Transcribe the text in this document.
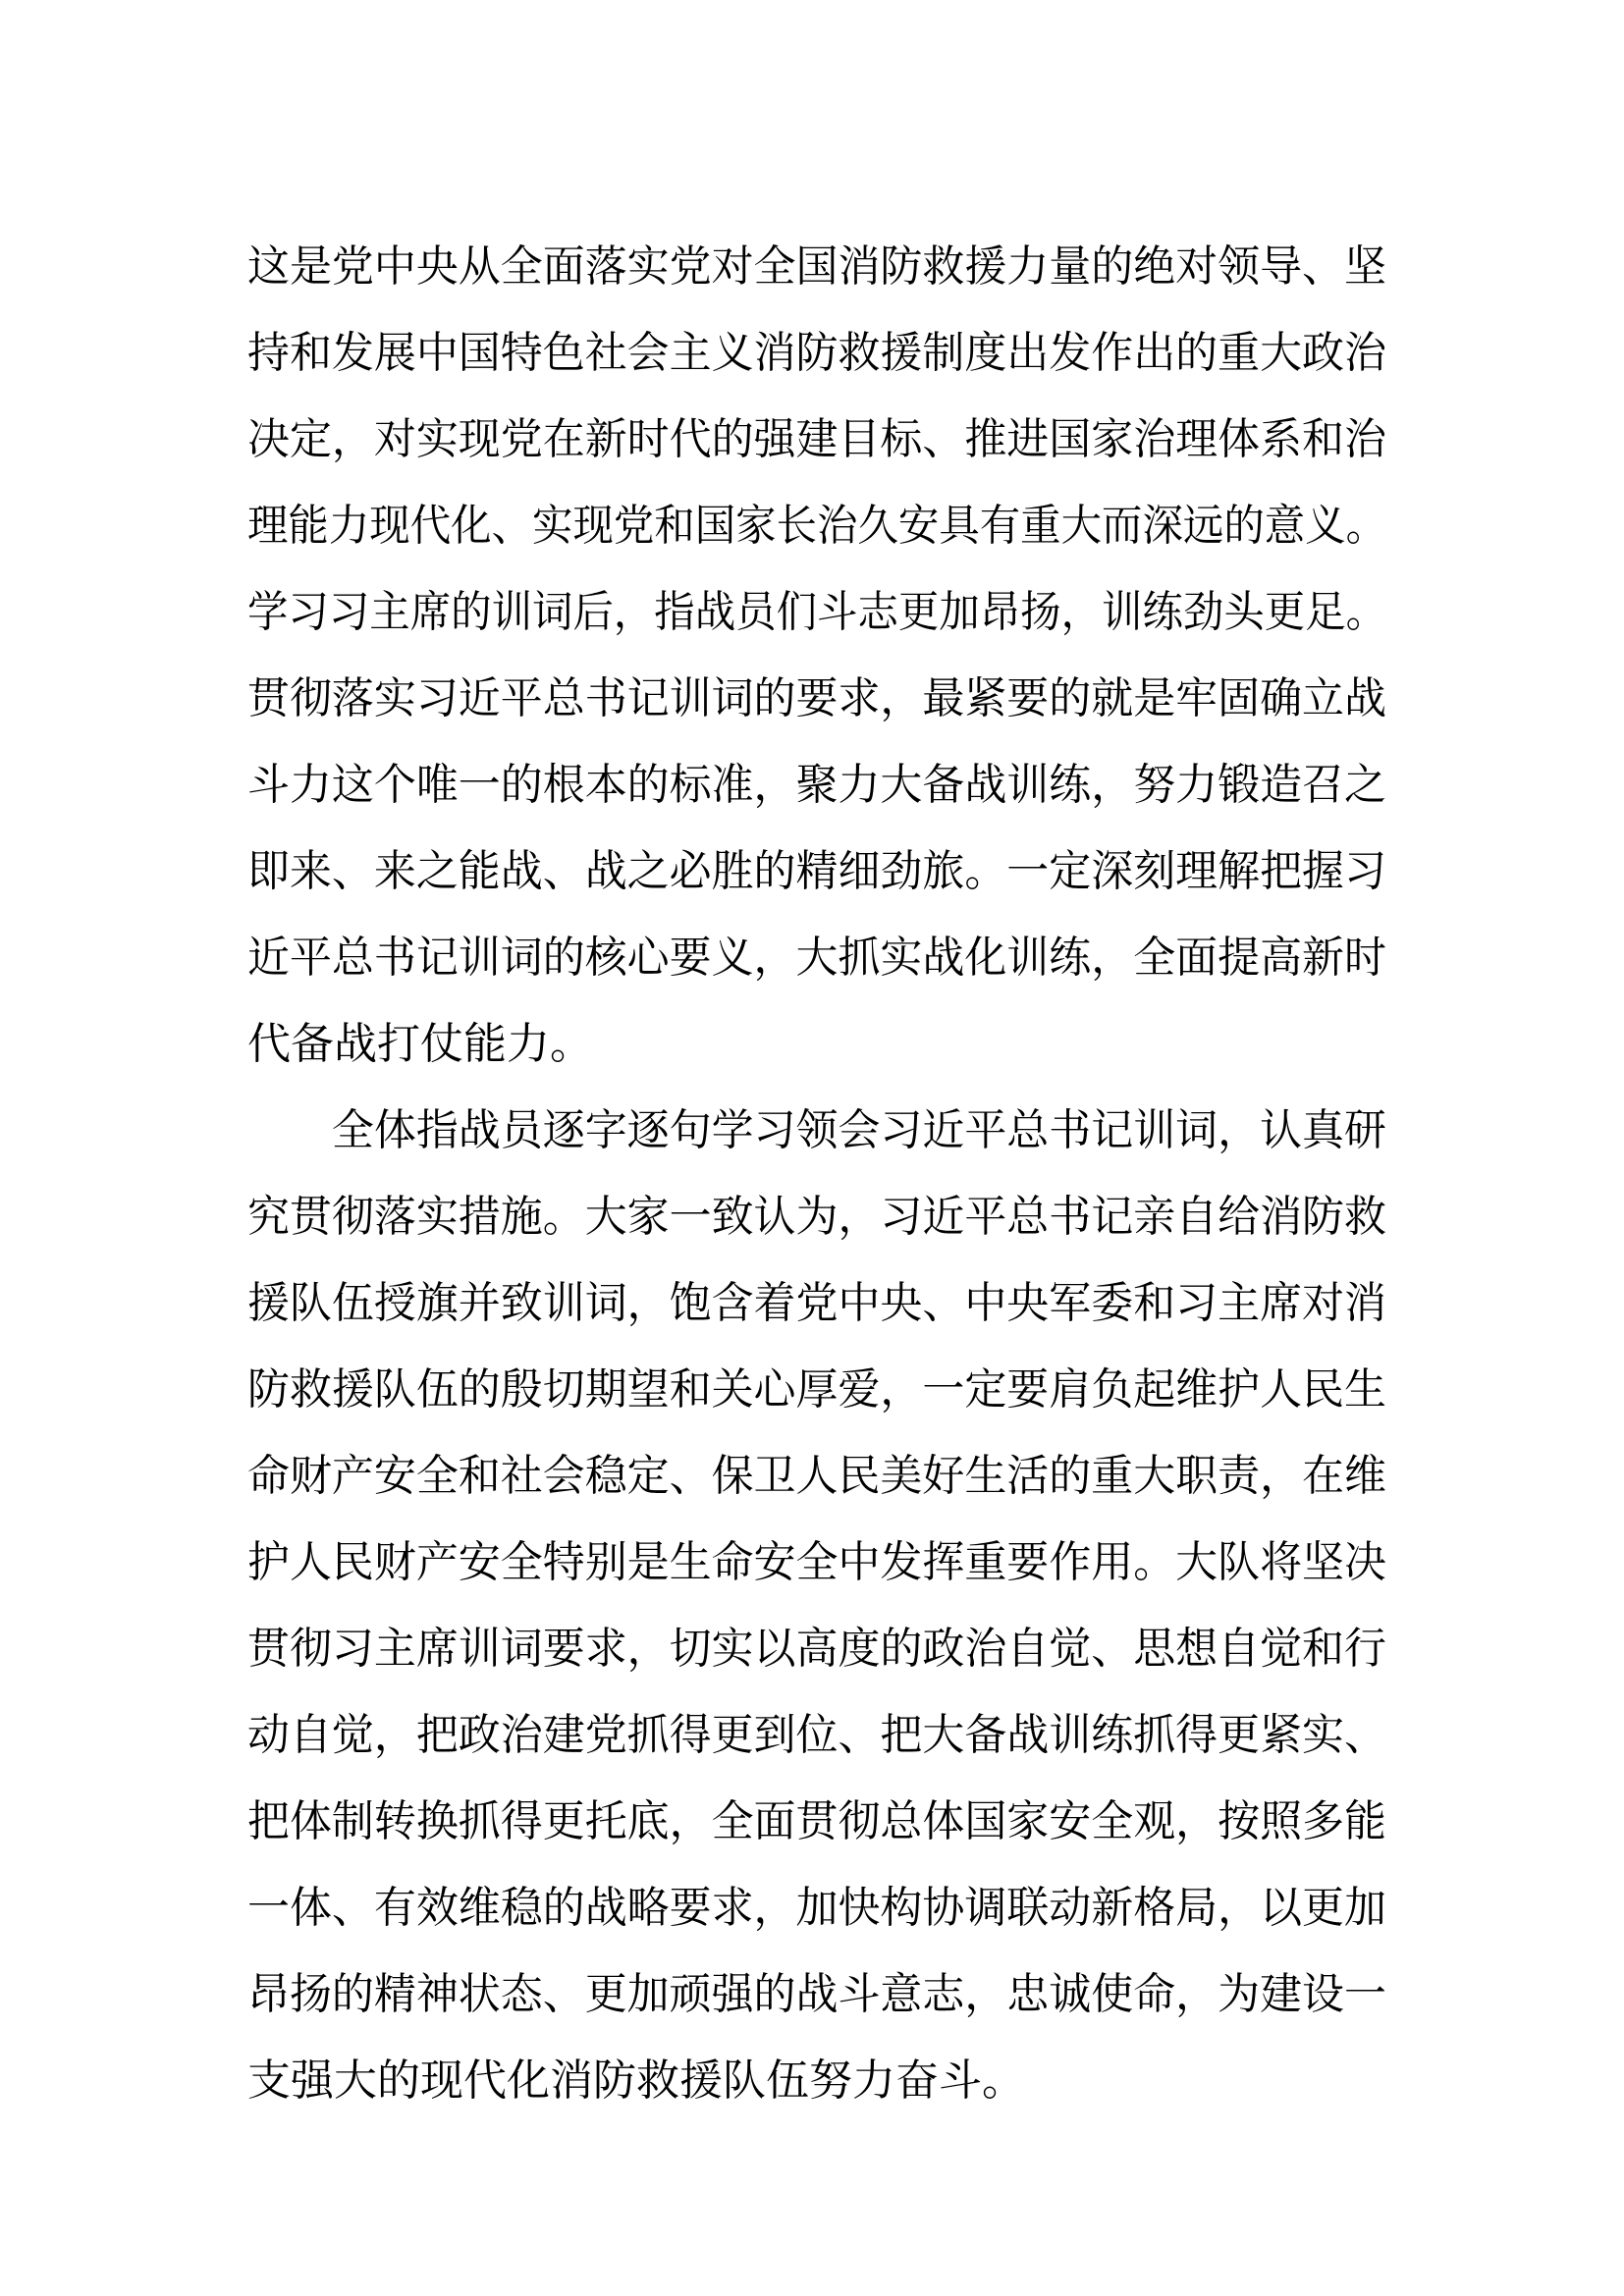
这是党中央从全面落实党对全国消防救援力量的绝对领导、坚
持和发展中国特色社会主义消防救援制度出发作出的重大政治
决定，对实现党在新时代的强建目标、推进国家治理体系和治
理能力现代化、实现党和国家长治久安具有重大而深远的意义。
学习习主席的训词后，指战员们斗志更加昂扬，训练劲头更足。
贯彻落实习近平总书记训词的要求，最紧要的就是牢固确立战
斗力这个唯一的根本的标准，聚力大备战训练，努力锻造召之
即来、来之能战、战之必胜的精细劲旅。一定深刻理解把握习
近平总书记训词的核心要义，大抓实战化训练，全面提高新时
代备战打仗能力。
全体指战员逐字逐句学习领会习近平总书记训词，认真研
究贯彻落实措施。大家一致认为，习近平总书记亲自给消防救
援队伍授旗并致训词，饱含着党中央、中央军委和习主席对消
防救援队伍的殷切期望和关心厚爱，一定要肩负起维护人民生
命财产安全和社会稳定、保卫人民美好生活的重大职责，在维
护人民财产安全特别是生命安全中发挥重要作用。大队将坚决
贯彻习主席训词要求，切实以高度的政治自觉、思想自觉和行
动自觉，把政治建党抓得更到位、把大备战训练抓得更紧实、
把体制转换抓得更托底，全面贯彻总体国家安全观，按照多能
一体、有效维稳的战略要求，加快构协调联动新格局，以更加
昂扬的精神状态、更加顽强的战斗意志，忠诚使命，为建设一
支强大的现代化消防救援队伍努力奋斗。
